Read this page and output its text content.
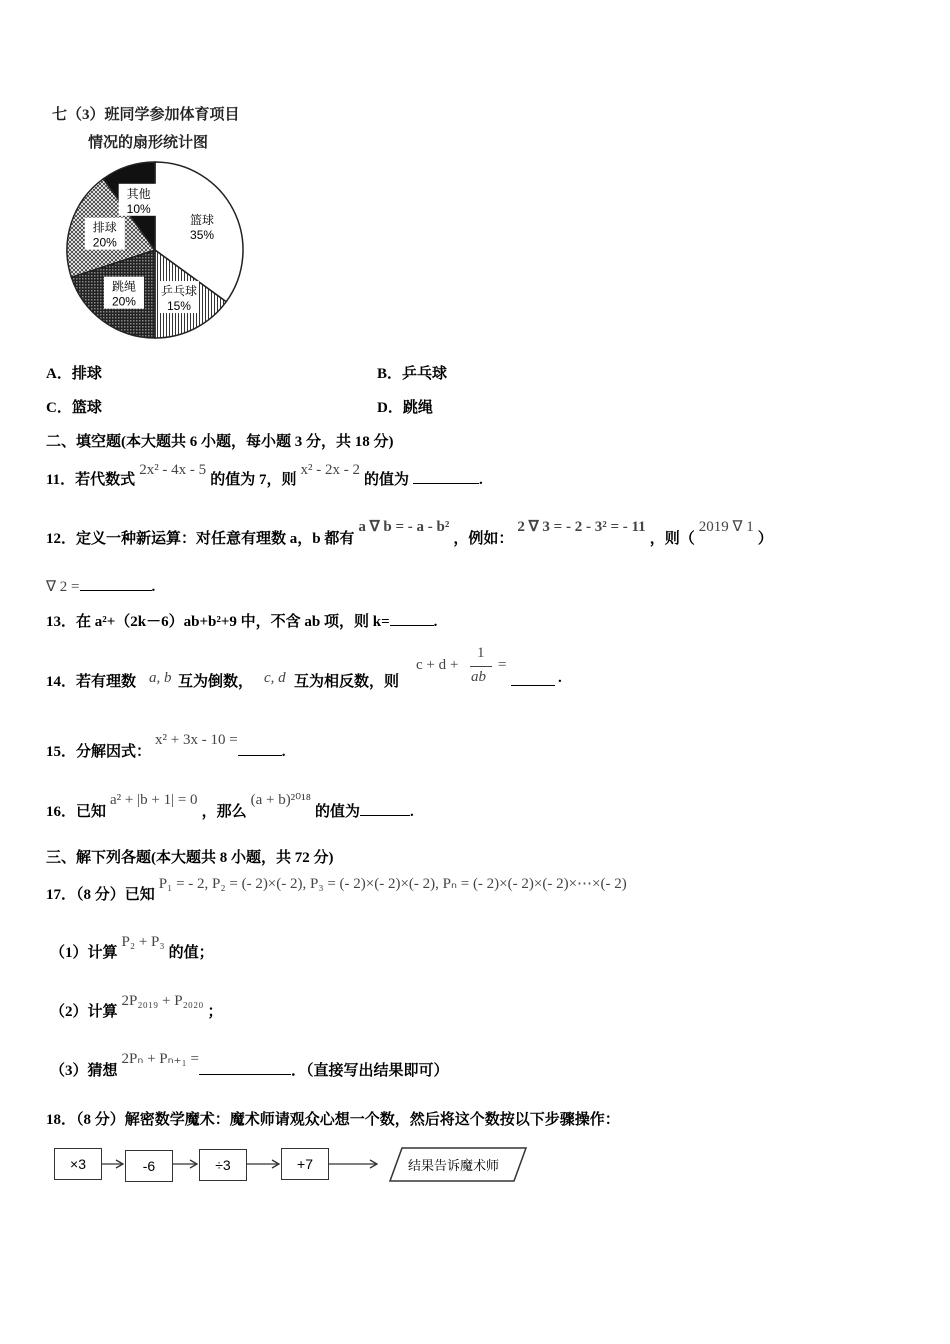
七（3）班同学参加体育项目
情况的扇形统计图
篮球
35%
乒乓球
15%
跳绳
20%
排球
20%
其他
10%
A．排球	B．乒乓球
C．篮球	D．跳绳
二、填空题(本大题共 6 小题，每小题 3 分，共 18 分)
11．若代数式 2x² - 4x - 5 的值为 7，则 x² - 2x - 2 的值为	.
12．定义一种新运算：对任意有理数 a，b 都有 a ∇ b = - a - b² ，例如： 2 ∇ 3 = - 2 - 3² = - 11 ，则（ 2019 ∇ 1 ）
∇ 2 =	.
13．在 a²+（2k－6）ab+b²+9 中，不含 ab 项，则 k=	.
14．若有理数 a, b 互为倒数， c, d 互为相反数，则
c + d +
1
ab
=
.
15．分解因式： x² + 3x - 10 =.
16．已知 a² + |b + 1| = 0 ，那么 (a + b)²⁰¹⁸ 的值为	.
三、解下列各题(本大题共 8 小题，共 72 分)
17．（8 分）已知 P₁ = - 2, P₂ = (- 2)×(- 2), P₃ = (- 2)×(- 2)×(- 2), Pₙ = (- 2)×(- 2)×(- 2)×⋯×(- 2)
（1）计算 P₂ + P₃ 的值；
（2）计算 2P₂₀₁₉ + P₂₀₂₀ ；
（3）猜想 2Pₙ + Pₙ₊₁ =．（直接写出结果即可）
18．（8 分）解密数学魔术：魔术师请观众心想一个数，然后将这个数按以下步骤操作：
×3	-6	÷3	+7	结果告诉魔术师
